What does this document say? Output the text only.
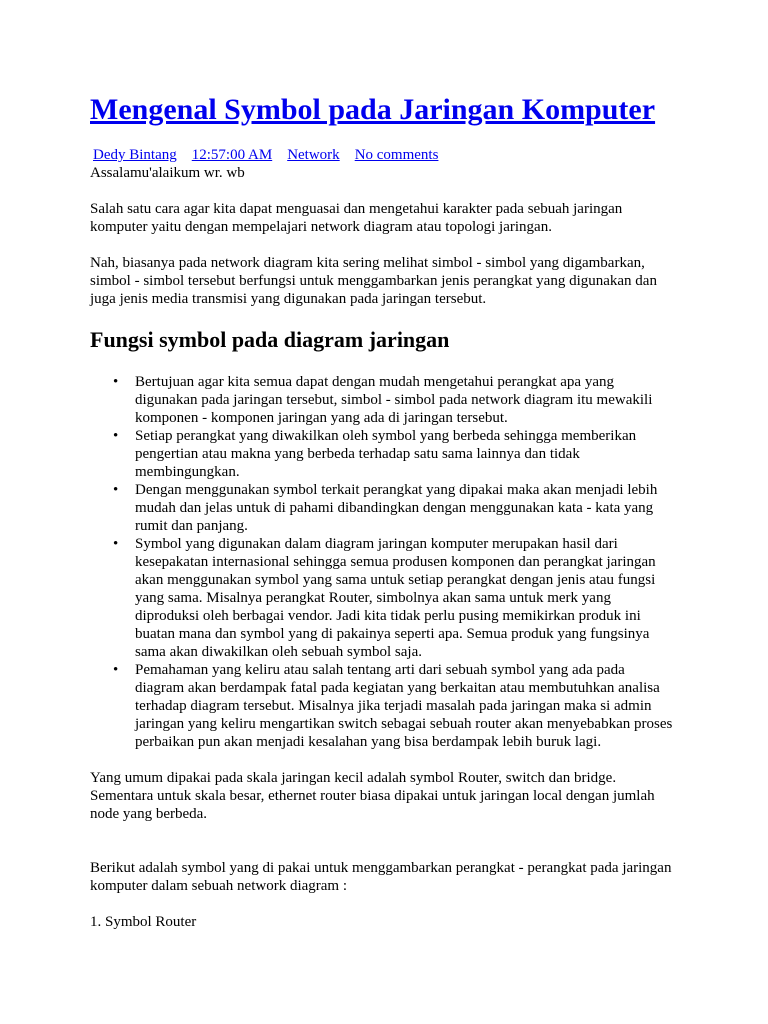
Mengenal Symbol pada Jaringan Komputer
Dedy Bintang 12:57:00 AM Network No comments
Assalamu'alaikum wr. wb
Salah satu cara agar kita dapat menguasai dan mengetahui karakter pada sebuah jaringan
komputer yaitu dengan mempelajari network diagram atau topologi jaringan.
Nah, biasanya pada network diagram kita sering melihat simbol - simbol yang digambarkan,
simbol - simbol tersebut berfungsi untuk menggambarkan jenis perangkat yang digunakan dan
juga jenis media transmisi yang digunakan pada jaringan tersebut.
Fungsi symbol pada diagram jaringan
• Bertujuan agar kita semua dapat dengan mudah mengetahui perangkat apa yang
digunakan pada jaringan tersebut, simbol - simbol pada network diagram itu mewakili
komponen - komponen jaringan yang ada di jaringan tersebut.
• Setiap perangkat yang diwakilkan oleh symbol yang berbeda sehingga memberikan
pengertian atau makna yang berbeda terhadap satu sama lainnya dan tidak
membingungkan.
• Dengan menggunakan symbol terkait perangkat yang dipakai maka akan menjadi lebih
mudah dan jelas untuk di pahami dibandingkan dengan menggunakan kata - kata yang
rumit dan panjang.
• Symbol yang digunakan dalam diagram jaringan komputer merupakan hasil dari
kesepakatan internasional sehingga semua produsen komponen dan perangkat jaringan
akan menggunakan symbol yang sama untuk setiap perangkat dengan jenis atau fungsi
yang sama. Misalnya perangkat Router, simbolnya akan sama untuk merk yang
diproduksi oleh berbagai vendor. Jadi kita tidak perlu pusing memikirkan produk ini
buatan mana dan symbol yang di pakainya seperti apa. Semua produk yang fungsinya
sama akan diwakilkan oleh sebuah symbol saja.
• Pemahaman yang keliru atau salah tentang arti dari sebuah symbol yang ada pada
diagram akan berdampak fatal pada kegiatan yang berkaitan atau membutuhkan analisa
terhadap diagram tersebut. Misalnya jika terjadi masalah pada jaringan maka si admin
jaringan yang keliru mengartikan switch sebagai sebuah router akan menyebabkan proses
perbaikan pun akan menjadi kesalahan yang bisa berdampak lebih buruk lagi.
Yang umum dipakai pada skala jaringan kecil adalah symbol Router, switch dan bridge.
Sementara untuk skala besar, ethernet router biasa dipakai untuk jaringan local dengan jumlah
node yang berbeda.
Berikut adalah symbol yang di pakai untuk menggambarkan perangkat - perangkat pada jaringan
komputer dalam sebuah network diagram :
1. Symbol Router
